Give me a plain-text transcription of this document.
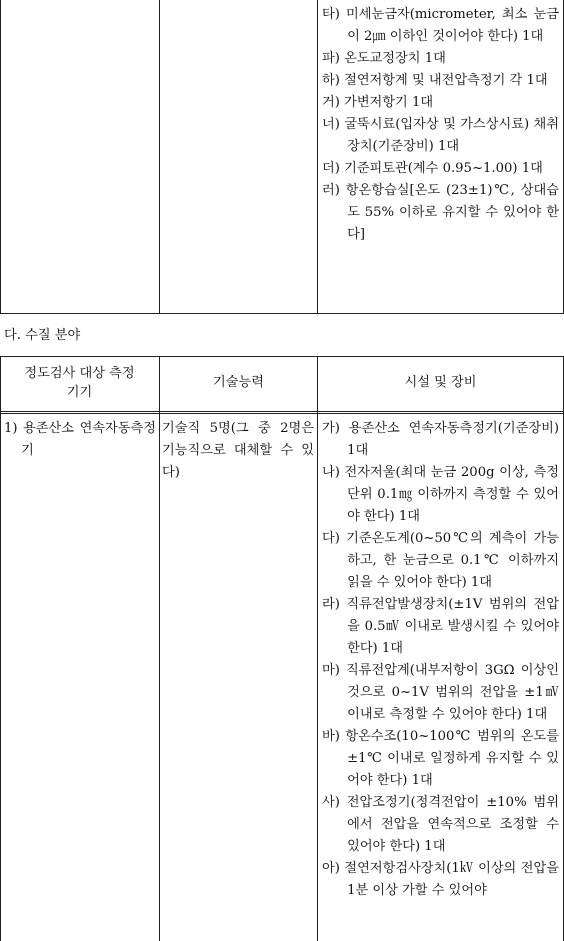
타) 미세눈금자(micrometer, 최소 눈금이 2㎛ 이하인 것이어야 한다) 1대

파) 온도교정장치 1대

하) 절연저항계 및 내전압측정기 각 1대

거) 가변저항기 1대

너) 굴뚝시료(입자상 및 가스상시료) 채취장치(기준장비) 1대

더) 기준피토관(계수 0.95~1.00) 1대

러) 항온항습실[온도 (23±1)℃, 상대습도 55% 이하로 유지할 수 있어야 한다]

다. 수질 분야
정도검사 대상 측정기기
기술능력	시설 및 장비

1) 용존산소 연속자동측정기

기술직 5명(그 중 2명은 기능직으로 대체할 수 있다)

가) 용존산소 연속자동측정기(기준장비) 1대

나) 전자저울(최대 눈금 200g 이상, 측정단위 0.1㎎ 이하까지 측정할 수 있어야 한다) 1대

다) 기준온도계(0~50℃의 계측이 가능하고, 한 눈금으로 0.1℃ 이하까지 읽을 수 있어야 한다) 1대

라) 직류전압발생장치(±1V 범위의 전압을 0.5㎷ 이내로 발생시킬 수 있어야 한다) 1대

마) 직류전압계(내부저항이 3GΩ 이상인 것으로 0~1V 범위의 전압을 ±1㎷ 이내로 측정할 수 있어야 한다) 1대

바) 항온수조(10~100℃ 범위의 온도를 ±1℃ 이내로 일정하게 유지할 수 있어야 한다) 1대

사) 전압조정기(정격전압이 ±10% 범위에서 전압을 연속적으로 조정할 수 있어야 한다) 1대

아) 절연저항검사장치(1㎸ 이상의 전압을 1분 이상 가할 수 있어야
